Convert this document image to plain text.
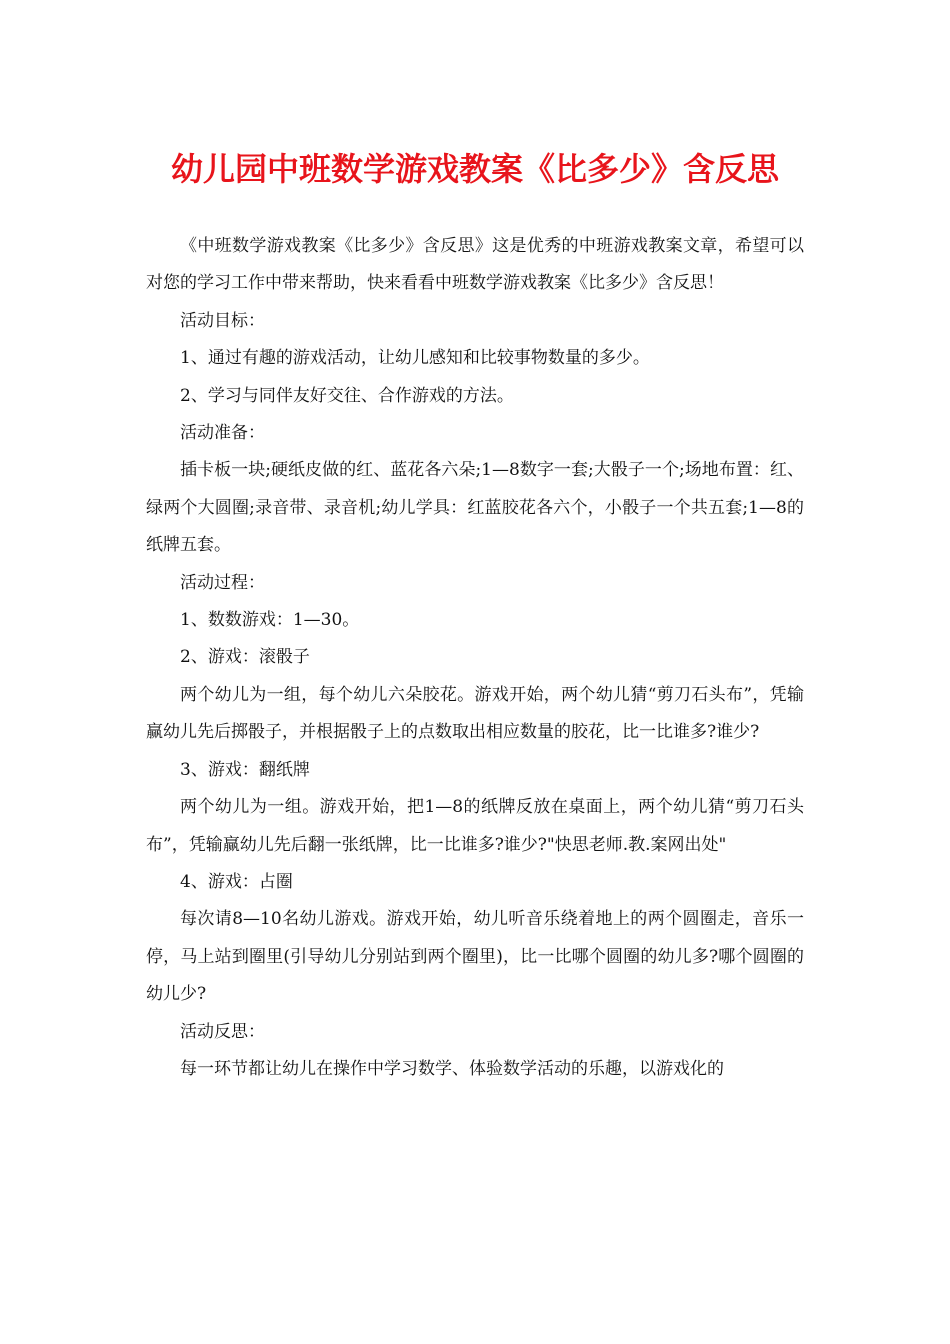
幼儿园中班数学游戏教案《比多少》含反思

《中班数学游戏教案《比多少》含反思》这是优秀的中班游戏教案文章，希望可以对您的学习工作中带来帮助，快来看看中班数学游戏教案《比多少》含反思！

活动目标：

1、通过有趣的游戏活动，让幼儿感知和比较事物数量的多少。

2、学习与同伴友好交往、合作游戏的方法。

活动准备：

插卡板一块;硬纸皮做的红、蓝花各六朵;1—8数字一套;大骰子一个;场地布置：红、绿两个大圆圈;录音带、录音机;幼儿学具：红蓝胶花各六个，小骰子一个共五套;1—8的纸牌五套。

活动过程：

1、数数游戏：1—30。

2、游戏：滚骰子

两个幼儿为一组，每个幼儿六朵胶花。游戏开始，两个幼儿猜“剪刀石头布”，凭输赢幼儿先后掷骰子，并根据骰子上的点数取出相应数量的胶花，比一比谁多?谁少?

3、游戏：翻纸牌

两个幼儿为一组。游戏开始，把1—8的纸牌反放在桌面上，两个幼儿猜“剪刀石头布”，凭输赢幼儿先后翻一张纸牌，比一比谁多?谁少?"快思老师.教.案网出处"

4、游戏：占圈

每次请8—10名幼儿游戏。游戏开始，幼儿听音乐绕着地上的两个圆圈走，音乐一停，马上站到圈里(引导幼儿分别站到两个圈里)，比一比哪个圆圈的幼儿多?哪个圆圈的幼儿少?

活动反思：

每一环节都让幼儿在操作中学习数学、体验数学活动的乐趣，以游戏化的
